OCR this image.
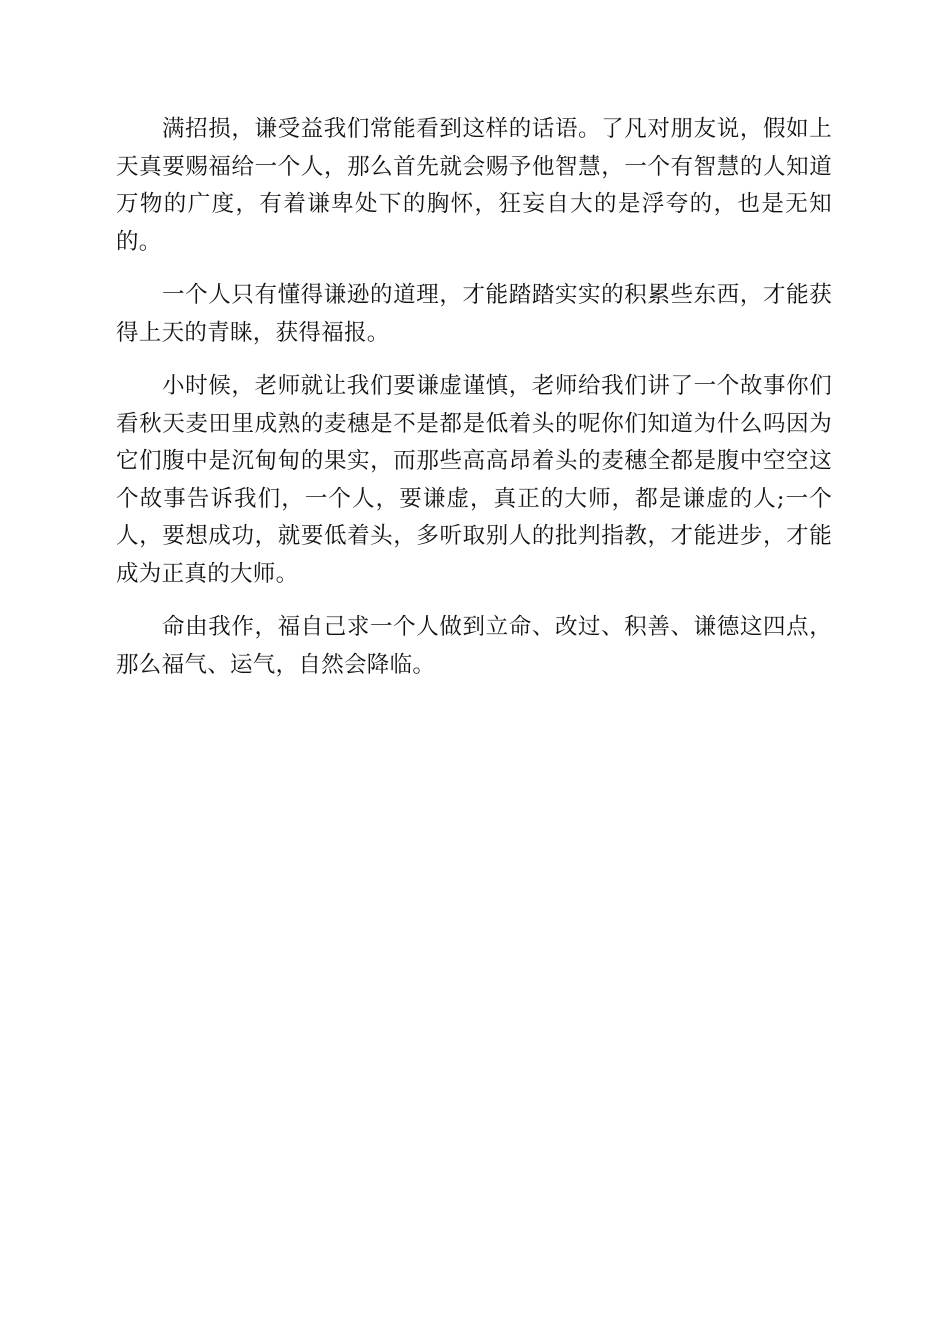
满招损，谦受益我们常能看到这样的话语。了凡对朋友说，假如上天真要赐福给一个人，那么首先就会赐予他智慧，一个有智慧的人知道万物的广度，有着谦卑处下的胸怀，狂妄自大的是浮夸的，也是无知的。

一个人只有懂得谦逊的道理，才能踏踏实实的积累些东西，才能获得上天的青睐，获得福报。

小时候，老师就让我们要谦虚谨慎，老师给我们讲了一个故事你们看秋天麦田里成熟的麦穗是不是都是低着头的呢你们知道为什么吗因为它们腹中是沉甸甸的果实，而那些高高昂着头的麦穗全都是腹中空空这个故事告诉我们，一个人，要谦虚，真正的大师，都是谦虚的人;一个人，要想成功，就要低着头，多听取别人的批判指教，才能进步，才能成为正真的大师。

命由我作，福自己求一个人做到立命、改过、积善、谦德这四点，那么福气、运气，自然会降临。
